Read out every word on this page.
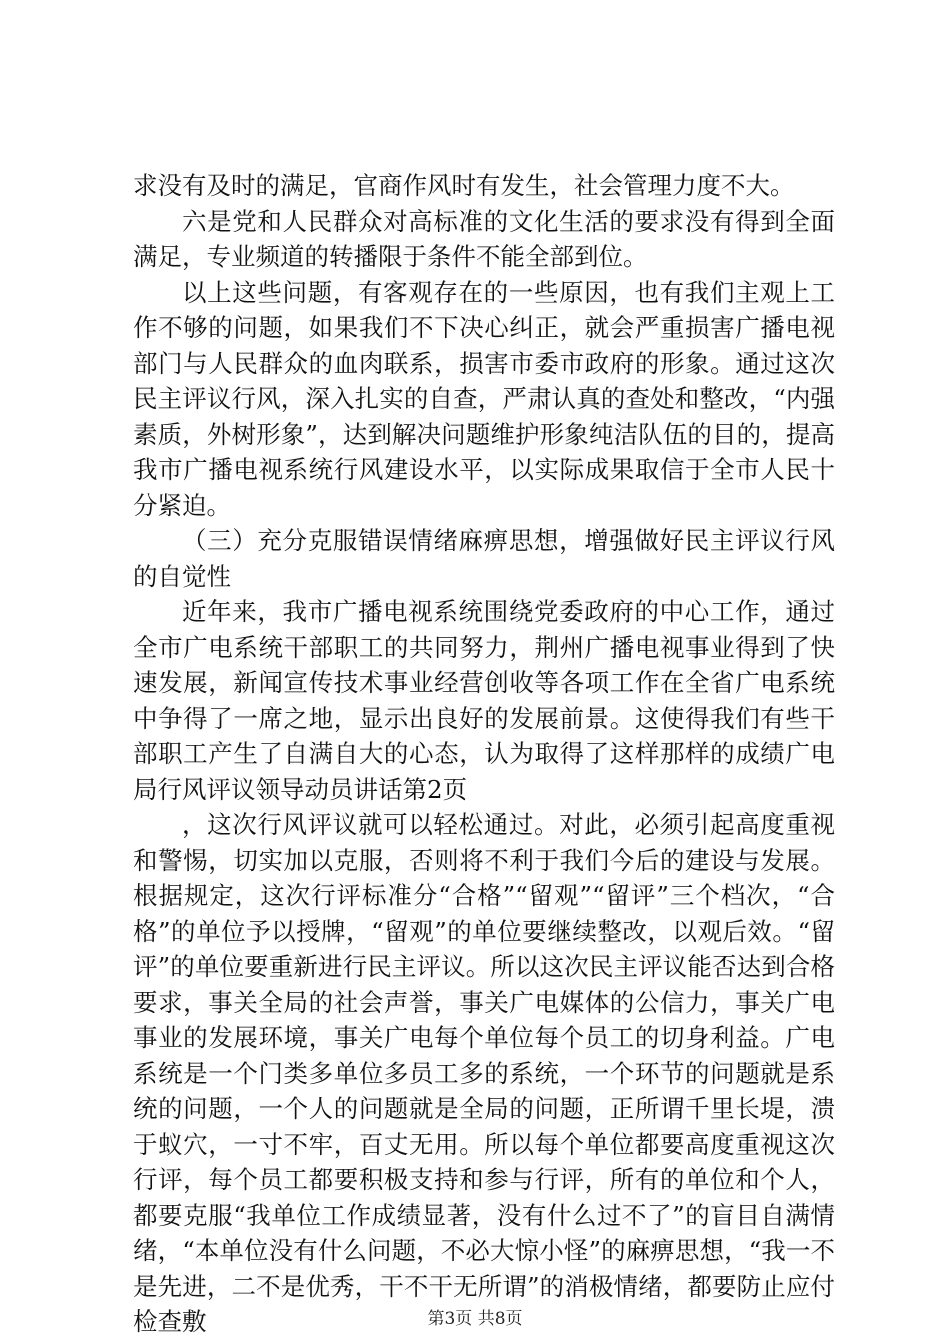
求没有及时的满足，官商作风时有发生，社会管理力度不大。

六是党和人民群众对高标准的文化生活的要求没有得到全面满足，专业频道的转播限于条件不能全部到位。

以上这些问题，有客观存在的一些原因，也有我们主观上工作不够的问题，如果我们不下决心纠正，就会严重损害广播电视部门与人民群众的血肉联系，损害市委市政府的形象。通过这次民主评议行风，深入扎实的自查，严肃认真的查处和整改，“内强素质，外树形象”，达到解决问题维护形象纯洁队伍的目的，提高我市广播电视系统行风建设水平，以实际成果取信于全市人民十分紧迫。

（三）充分克服错误情绪麻痹思想，增强做好民主评议行风的自觉性

近年来，我市广播电视系统围绕党委政府的中心工作，通过全市广电系统干部职工的共同努力，荆州广播电视事业得到了快速发展，新闻宣传技术事业经营创收等各项工作在全省广电系统中争得了一席之地，显示出良好的发展前景。这使得我们有些干部职工产生了自满自大的心态，认为取得了这样那样的成绩广电局行风评议领导动员讲话第2页

，这次行风评议就可以轻松通过。对此，必须引起高度重视和警惕，切实加以克服，否则将不利于我们今后的建设与发展。根据规定，这次行评标准分“合格”“留观”“留评”三个档次，“合格”的单位予以授牌，“留观”的单位要继续整改，以观后效。“留评”的单位要重新进行民主评议。所以这次民主评议能否达到合格要求，事关全局的社会声誉，事关广电媒体的公信力，事关广电事业的发展环境，事关广电每个单位每个员工的切身利益。广电系统是一个门类多单位多员工多的系统，一个环节的问题就是系统的问题，一个人的问题就是全局的问题，正所谓千里长堤，溃于蚁穴，一寸不牢，百丈无用。所以每个单位都要高度重视这次行评，每个员工都要积极支持和参与行评，所有的单位和个人，都要克服“我单位工作成绩显著，没有什么过不了”的盲目自满情绪，“本单位没有什么问题，不必大惊小怪”的麻痹思想，“我一不是先进，二不是优秀，干不干无所谓”的消极情绪，都要防止应付检查敷	第3页 共8页
